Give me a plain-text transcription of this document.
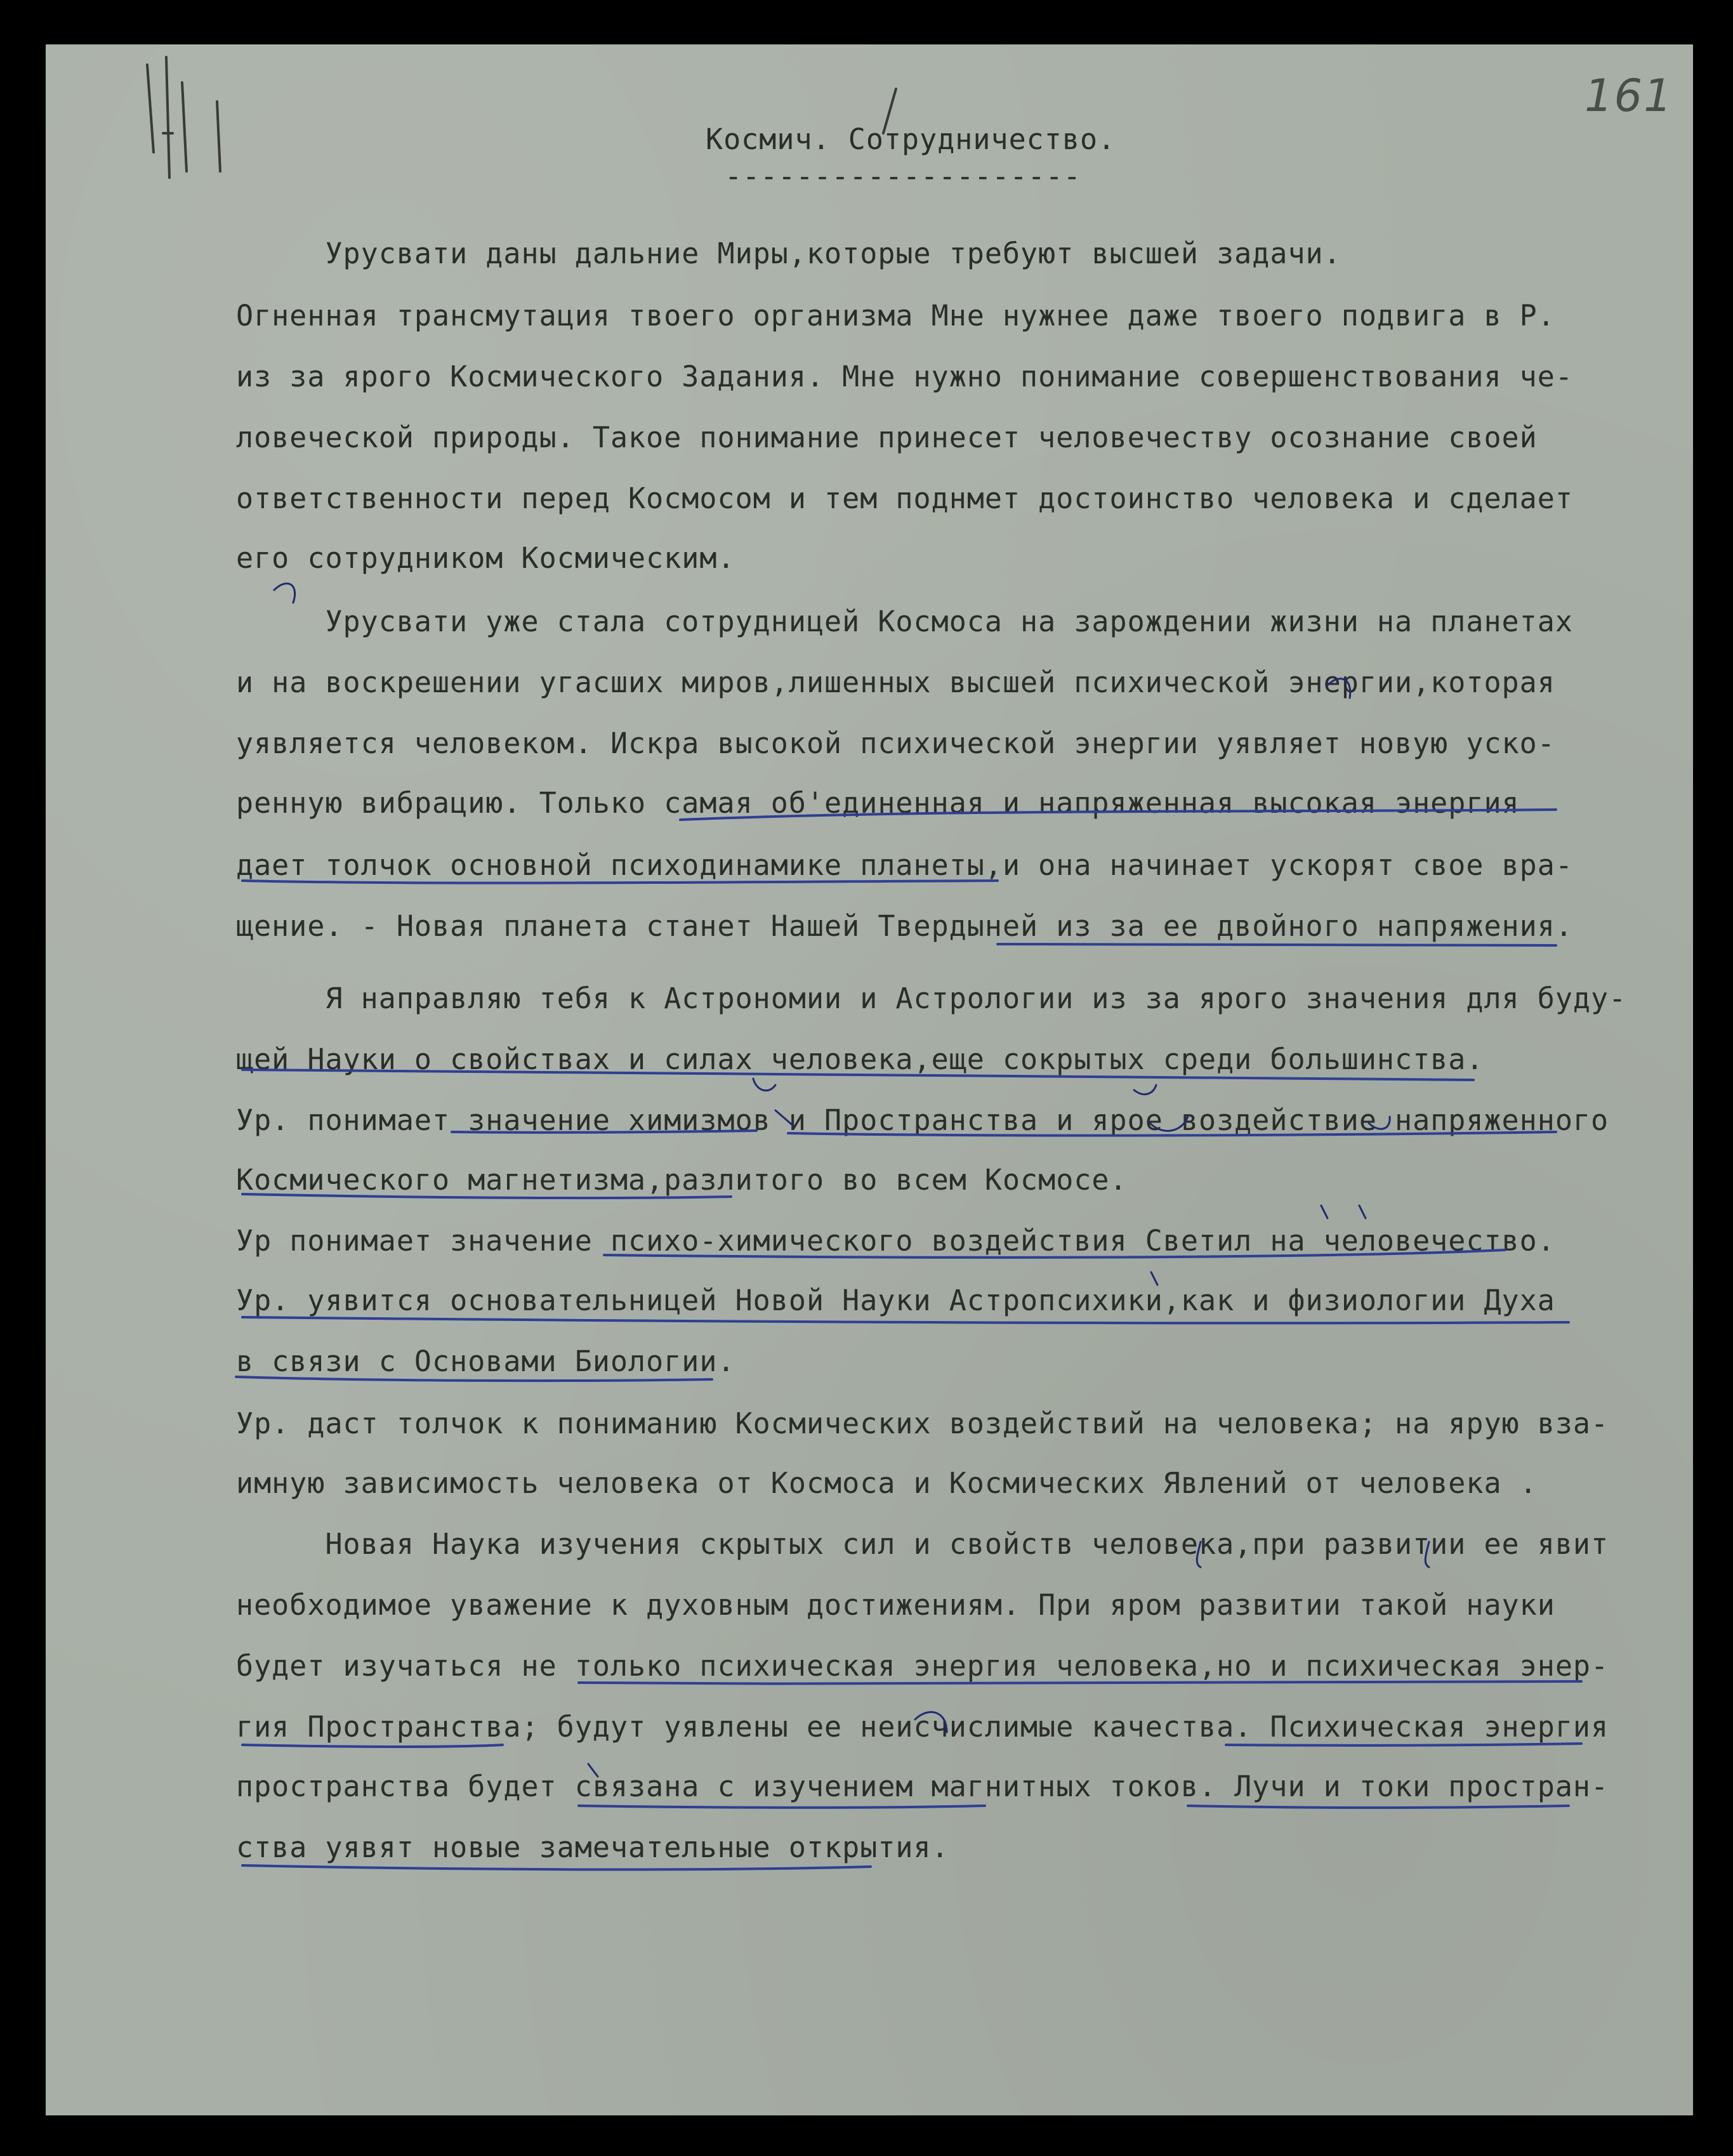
161
Космич. Сотрудничество.
--------------------
Урусвати даны дальние Миры,которые требуют высшей задачи.
Огненная трансмутация твоего организма Мне нужнее даже твоего подвига в Р.
из за ярого Космического Задания. Мне нужно понимание совершенствования че-
ловеческой природы. Такое понимание принесет человечеству осознание своей
ответственности перед Космосом и тем поднмет достоинство человека и сделает
его сотрудником Космическим.
Урусвати уже стала сотрудницей Космоса на зарождении жизни на планетах
и на воскрешении угасших миров,лишенных высшей психической энергии,которая
уявляется человеком. Искра высокой психической энергии уявляет новую уско-
ренную вибрацию. Только самая об'единенная и напряженная высокая энергия
дает толчок основной психодинамике планеты,и она начинает ускорят свое вра-
щение. - Новая планета станет Нашей Твердыней из за ее двойного напряжения.
Я направляю тебя к Астрономии и Астрологии из за ярого значения для буду-
щей Науки о свойствах и силах человека,еще сокрытых среди большинства.
Ур. понимает значение химизмов и Пространства и ярое воздействие напряженного
Космического магнетизма,разлитого во всем Космосе.
Ур понимает значение психо-химического воздействия Светил на человечество.
Ур. уявится основательницей Новой Науки Астропсихики,как и физиологии Духа
в связи с Основами Биологии.
Ур. даст толчок к пониманию Космических воздействий на человека; на ярую вза-
имную зависимость человека от Космоса и Космических Явлений от человека .
Новая Наука изучения скрытых сил и свойств человека,при развитии ее явит
необходимое уважение к духовным достижениям. При яром развитии такой науки
будет изучаться не только психическая энергия человека,но и психическая энер-
гия Пространства; будут уявлены ее неисчислимые качества. Психическая энергия
пространства будет связана с изучением магнитных токов. Лучи и токи простран-
ства уявят новые замечательные открытия.
